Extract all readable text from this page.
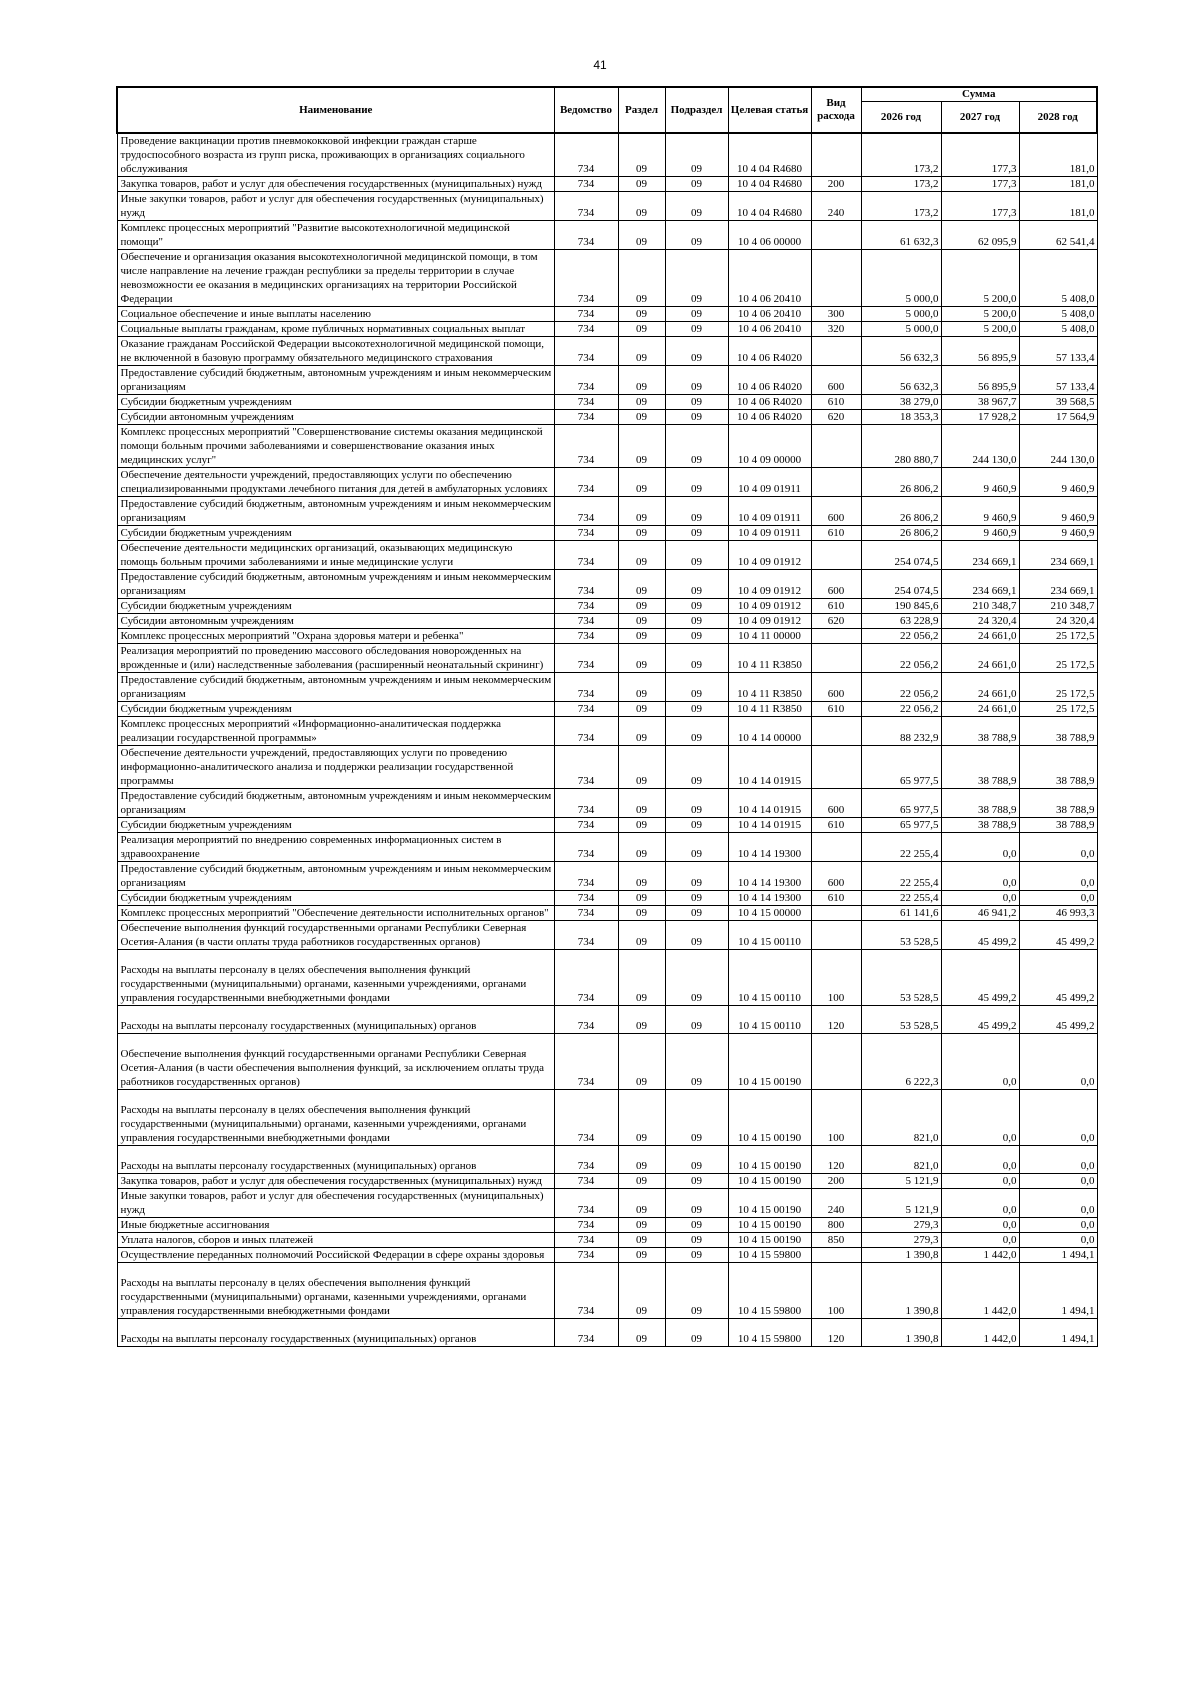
41
Наименование	Ведомство	Раздел	Подраздел	Целевая статья	Вид расхода	Сумма		
						2026 год	2027 год	2028 год
Проведение вакцинации против пневмококковой инфекции граждан старше трудоспособного возраста из групп риска, проживающих в организациях социального обслуживания	734	09	09	10 4 04 R4680		173,2	177,3	181,0
Закупка товаров, работ и услуг для обеспечения государственных (муниципальных) нужд	734	09	09	10 4 04 R4680	200	173,2	177,3	181,0
Иные закупки товаров, работ и услуг для обеспечения государственных (муниципальных) нужд	734	09	09	10 4 04 R4680	240	173,2	177,3	181,0
Комплекс процессных мероприятий "Развитие высокотехнологичной медицинской помощи"	734	09	09	10 4 06 00000		61 632,3	62 095,9	62 541,4
Обеспечение и организация оказания высокотехнологичной медицинской помощи, в том числе направление на лечение граждан республики за пределы территории в случае невозможности ее оказания в медицинских организациях на территории Российской Федерации	734	09	09	10 4 06 20410		5 000,0	5 200,0	5 408,0
Социальное обеспечение и иные выплаты населению	734	09	09	10 4 06 20410	300	5 000,0	5 200,0	5 408,0
Социальные выплаты гражданам, кроме публичных нормативных социальных выплат	734	09	09	10 4 06 20410	320	5 000,0	5 200,0	5 408,0
Оказание гражданам Российской Федерации высокотехнологичной медицинской помощи, не включенной в базовую программу обязательного медицинского страхования	734	09	09	10 4 06 R4020		56 632,3	56 895,9	57 133,4
Предоставление субсидий бюджетным, автономным учреждениям и иным некоммерческим организациям	734	09	09	10 4 06 R4020	600	56 632,3	56 895,9	57 133,4
Субсидии бюджетным учреждениям	734	09	09	10 4 06 R4020	610	38 279,0	38 967,7	39 568,5
Субсидии автономным учреждениям	734	09	09	10 4 06 R4020	620	18 353,3	17 928,2	17 564,9
Комплекс процессных мероприятий "Совершенствование системы оказания медицинской помощи больным прочими заболеваниями и совершенствование оказания иных медицинских услуг"	734	09	09	10 4 09 00000		280 880,7	244 130,0	244 130,0
Обеспечение деятельности учреждений, предоставляющих услуги по обеспечению специализированными продуктами лечебного питания для детей в амбулаторных условиях	734	09	09	10 4 09 01911		26 806,2	9 460,9	9 460,9
Предоставление субсидий бюджетным, автономным учреждениям и иным некоммерческим организациям	734	09	09	10 4 09 01911	600	26 806,2	9 460,9	9 460,9
Субсидии бюджетным учреждениям	734	09	09	10 4 09 01911	610	26 806,2	9 460,9	9 460,9
Обеспечение деятельности медицинских организаций, оказывающих медицинскую помощь больным прочими заболеваниями и иные медицинские услуги	734	09	09	10 4 09 01912		254 074,5	234 669,1	234 669,1
Предоставление субсидий бюджетным, автономным учреждениям и иным некоммерческим организациям	734	09	09	10 4 09 01912	600	254 074,5	234 669,1	234 669,1
Субсидии бюджетным учреждениям	734	09	09	10 4 09 01912	610	190 845,6	210 348,7	210 348,7
Субсидии автономным учреждениям	734	09	09	10 4 09 01912	620	63 228,9	24 320,4	24 320,4
Комплекс процессных мероприятий "Охрана здоровья матери и ребенка"	734	09	09	10 4 11 00000		22 056,2	24 661,0	25 172,5
Реализация мероприятий по проведению массового обследования новорожденных на врожденные и (или) наследственные заболевания (расширенный неонатальный скрининг)	734	09	09	10 4 11 R3850		22 056,2	24 661,0	25 172,5
Предоставление субсидий бюджетным, автономным учреждениям и иным некоммерческим организациям	734	09	09	10 4 11 R3850	600	22 056,2	24 661,0	25 172,5
Субсидии бюджетным учреждениям	734	09	09	10 4 11 R3850	610	22 056,2	24 661,0	25 172,5
Комплекс процессных мероприятий «Информационно-аналитическая поддержка реализации государственной программы»	734	09	09	10 4 14 00000		88 232,9	38 788,9	38 788,9
Обеспечение деятельности учреждений, предоставляющих услуги по проведению информационно-аналитического анализа и поддержки реализации государственной программы	734	09	09	10 4 14 01915		65 977,5	38 788,9	38 788,9
Предоставление субсидий бюджетным, автономным учреждениям и иным некоммерческим организациям	734	09	09	10 4 14 01915	600	65 977,5	38 788,9	38 788,9
Субсидии бюджетным учреждениям	734	09	09	10 4 14 01915	610	65 977,5	38 788,9	38 788,9
Реализация мероприятий по внедрению современных информационных систем в здравоохранение	734	09	09	10 4 14 19300		22 255,4	0,0	0,0
Предоставление субсидий бюджетным, автономным учреждениям и иным некоммерческим организациям	734	09	09	10 4 14 19300	600	22 255,4	0,0	0,0
Субсидии бюджетным учреждениям	734	09	09	10 4 14 19300	610	22 255,4	0,0	0,0
Комплекс процессных мероприятий "Обеспечение деятельности исполнительных органов"	734	09	09	10 4 15 00000		61 141,6	46 941,2	46 993,3
Обеспечение выполнения функций государственными органами Республики Северная Осетия-Алания (в части оплаты труда работников государственных органов)	734	09	09	10 4 15 00110		53 528,5	45 499,2	45 499,2
Расходы на выплаты персоналу в целях обеспечения выполнения функций государственными (муниципальными) органами, казенными учреждениями, органами управления государственными внебюджетными фондами	734	09	09	10 4 15 00110	100	53 528,5	45 499,2	45 499,2
Расходы на выплаты персоналу государственных (муниципальных) органов	734	09	09	10 4 15 00110	120	53 528,5	45 499,2	45 499,2
Обеспечение выполнения функций государственными органами Республики Северная Осетия-Алания (в части обеспечения выполнения функций, за исключением оплаты труда работников государственных органов)	734	09	09	10 4 15 00190		6 222,3	0,0	0,0
Расходы на выплаты персоналу в целях обеспечения выполнения функций государственными (муниципальными) органами, казенными учреждениями, органами управления государственными внебюджетными фондами	734	09	09	10 4 15 00190	100	821,0	0,0	0,0
Расходы на выплаты персоналу государственных (муниципальных) органов	734	09	09	10 4 15 00190	120	821,0	0,0	0,0
Закупка товаров, работ и услуг для обеспечения государственных (муниципальных) нужд	734	09	09	10 4 15 00190	200	5 121,9	0,0	0,0
Иные закупки товаров, работ и услуг для обеспечения государственных (муниципальных) нужд	734	09	09	10 4 15 00190	240	5 121,9	0,0	0,0
Иные бюджетные ассигнования	734	09	09	10 4 15 00190	800	279,3	0,0	0,0
Уплата налогов, сборов и иных платежей	734	09	09	10 4 15 00190	850	279,3	0,0	0,0
Осуществление переданных полномочий Российской Федерации в сфере охраны здоровья	734	09	09	10 4 15 59800		1 390,8	1 442,0	1 494,1
Расходы на выплаты персоналу в целях обеспечения выполнения функций государственными (муниципальными) органами, казенными учреждениями, органами управления государственными внебюджетными фондами	734	09	09	10 4 15 59800	100	1 390,8	1 442,0	1 494,1
Расходы на выплаты персоналу государственных (муниципальных) органов	734	09	09	10 4 15 59800	120	1 390,8	1 442,0	1 494,1
